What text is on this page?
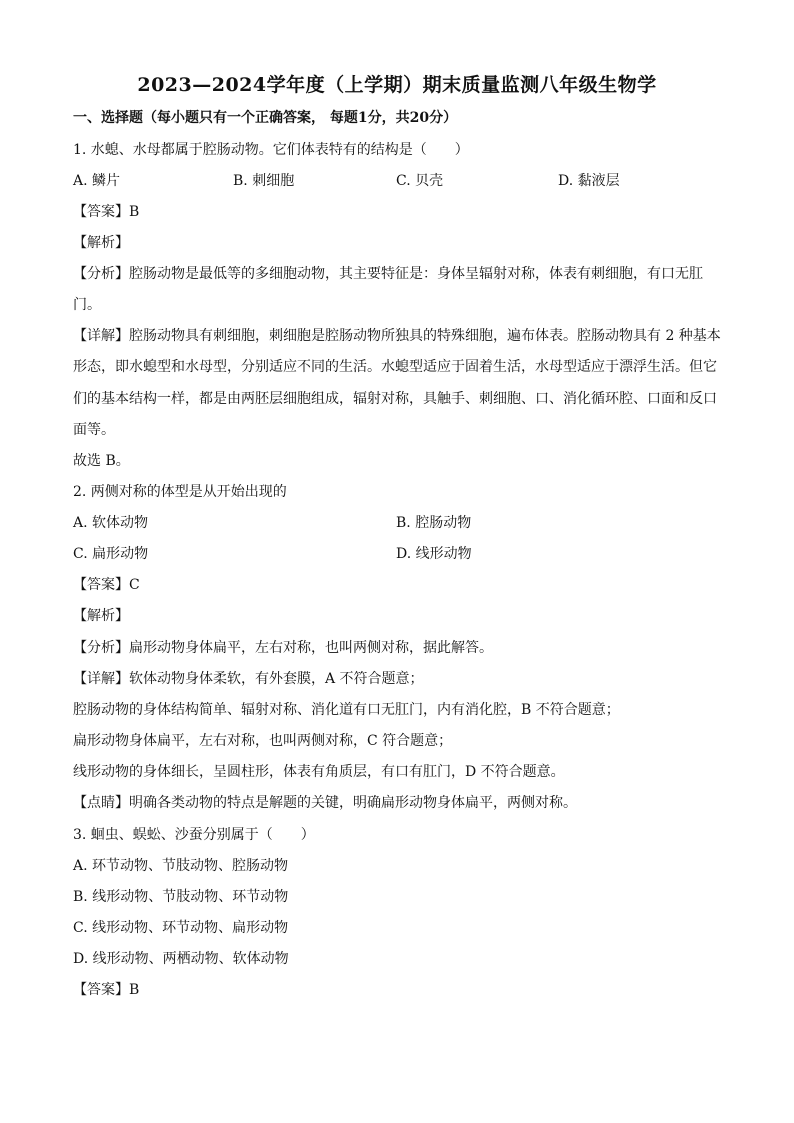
2023—2024学年度（上学期）期末质量监测八年级生物学
一、选择题（每小题只有一个正确答案， 每题1分，共20分）
1. 水螅、水母都属于腔肠动物。它们体表特有的结构是（　　）
A. 鳞片	B. 刺细胞	C. 贝壳	D. 黏液层
【答案】B
【解析】
【分析】腔肠动物是最低等的多细胞动物，其主要特征是：身体呈辐射对称，体表有刺细胞，有口无肛
门。
【详解】腔肠动物具有刺细胞，刺细胞是腔肠动物所独具的特殊细胞，遍布体表。腔肠动物具有 2 种基本
形态，即水螅型和水母型，分别适应不同的生活。水螅型适应于固着生活，水母型适应于漂浮生活。但它
们的基本结构一样，都是由两胚层细胞组成，辐射对称，具触手、刺细胞、口、消化循环腔、口面和反口
面等。
故选 B。
2. 两侧对称的体型是从开始出现的
A. 软体动物	B. 腔肠动物
C. 扁形动物	D. 线形动物
【答案】C
【解析】
【分析】扁形动物身体扁平，左右对称，也叫两侧对称，据此解答。
【详解】软体动物身体柔软，有外套膜，A 不符合题意；
腔肠动物的身体结构简单、辐射对称、消化道有口无肛门，内有消化腔，B 不符合题意；
扁形动物身体扁平，左右对称，也叫两侧对称，C 符合题意；
线形动物的身体细长，呈圆柱形，体表有角质层，有口有肛门，D 不符合题意。
【点睛】明确各类动物的特点是解题的关键，明确扁形动物身体扁平，两侧对称。
3. 蛔虫、蜈蚣、沙蚕分别属于（　　）
A. 环节动物、节肢动物、腔肠动物
B. 线形动物、节肢动物、环节动物
C. 线形动物、环节动物、扁形动物
D. 线形动物、两栖动物、软体动物
【答案】B
